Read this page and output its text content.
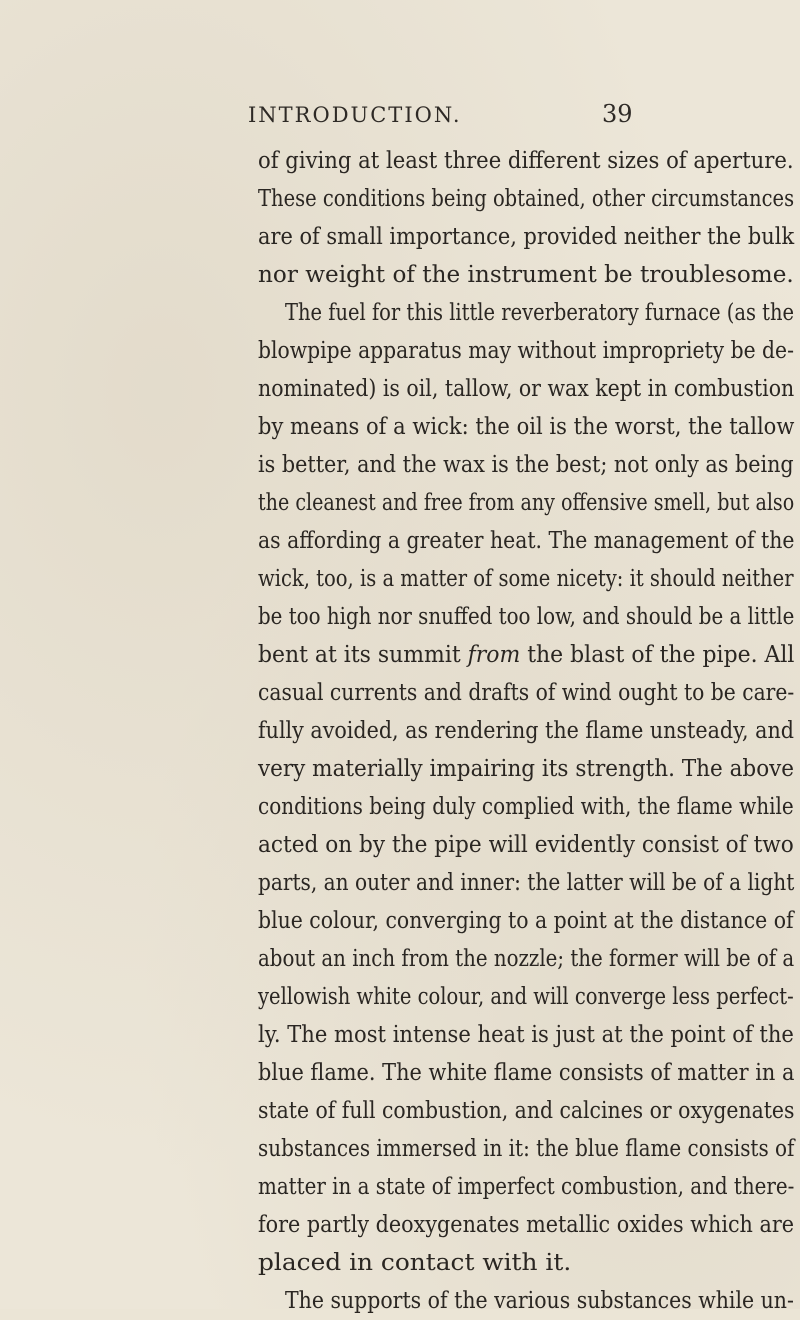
INTRODUCTION.	39
of giving at least three different sizes of aperture.
These conditions being obtained, other circumstances
are of small importance, provided neither the bulk
nor weight of the instrument be troublesome.
The fuel for this little reverberatory furnace (as the
blowpipe apparatus may without impropriety be de-
nominated) is oil, tallow, or wax kept in combustion
by means of a wick: the oil is the worst, the tallow
is better, and the wax is the best; not only as being
the cleanest and free from any offensive smell, but also
as affording a greater heat. The management of the
wick, too, is a matter of some nicety: it should neither
be too high nor snuffed too low, and should be a little
bent at its summit from the blast of the pipe. All
casual currents and drafts of wind ought to be care-
fully avoided, as rendering the flame unsteady, and
very materially impairing its strength. The above
conditions being duly complied with, the flame while
acted on by the pipe will evidently consist of two
parts, an outer and inner: the latter will be of a light
blue colour, converging to a point at the distance of
about an inch from the nozzle; the former will be of a
yellowish white colour, and will converge less perfect-
ly. The most intense heat is just at the point of the
blue flame. The white flame consists of matter in a
state of full combustion, and calcines or oxygenates
substances immersed in it: the blue flame consists of
matter in a state of imperfect combustion, and there-
fore partly deoxygenates metallic oxides which are
placed in contact with it.
The supports of the various substances while un-
